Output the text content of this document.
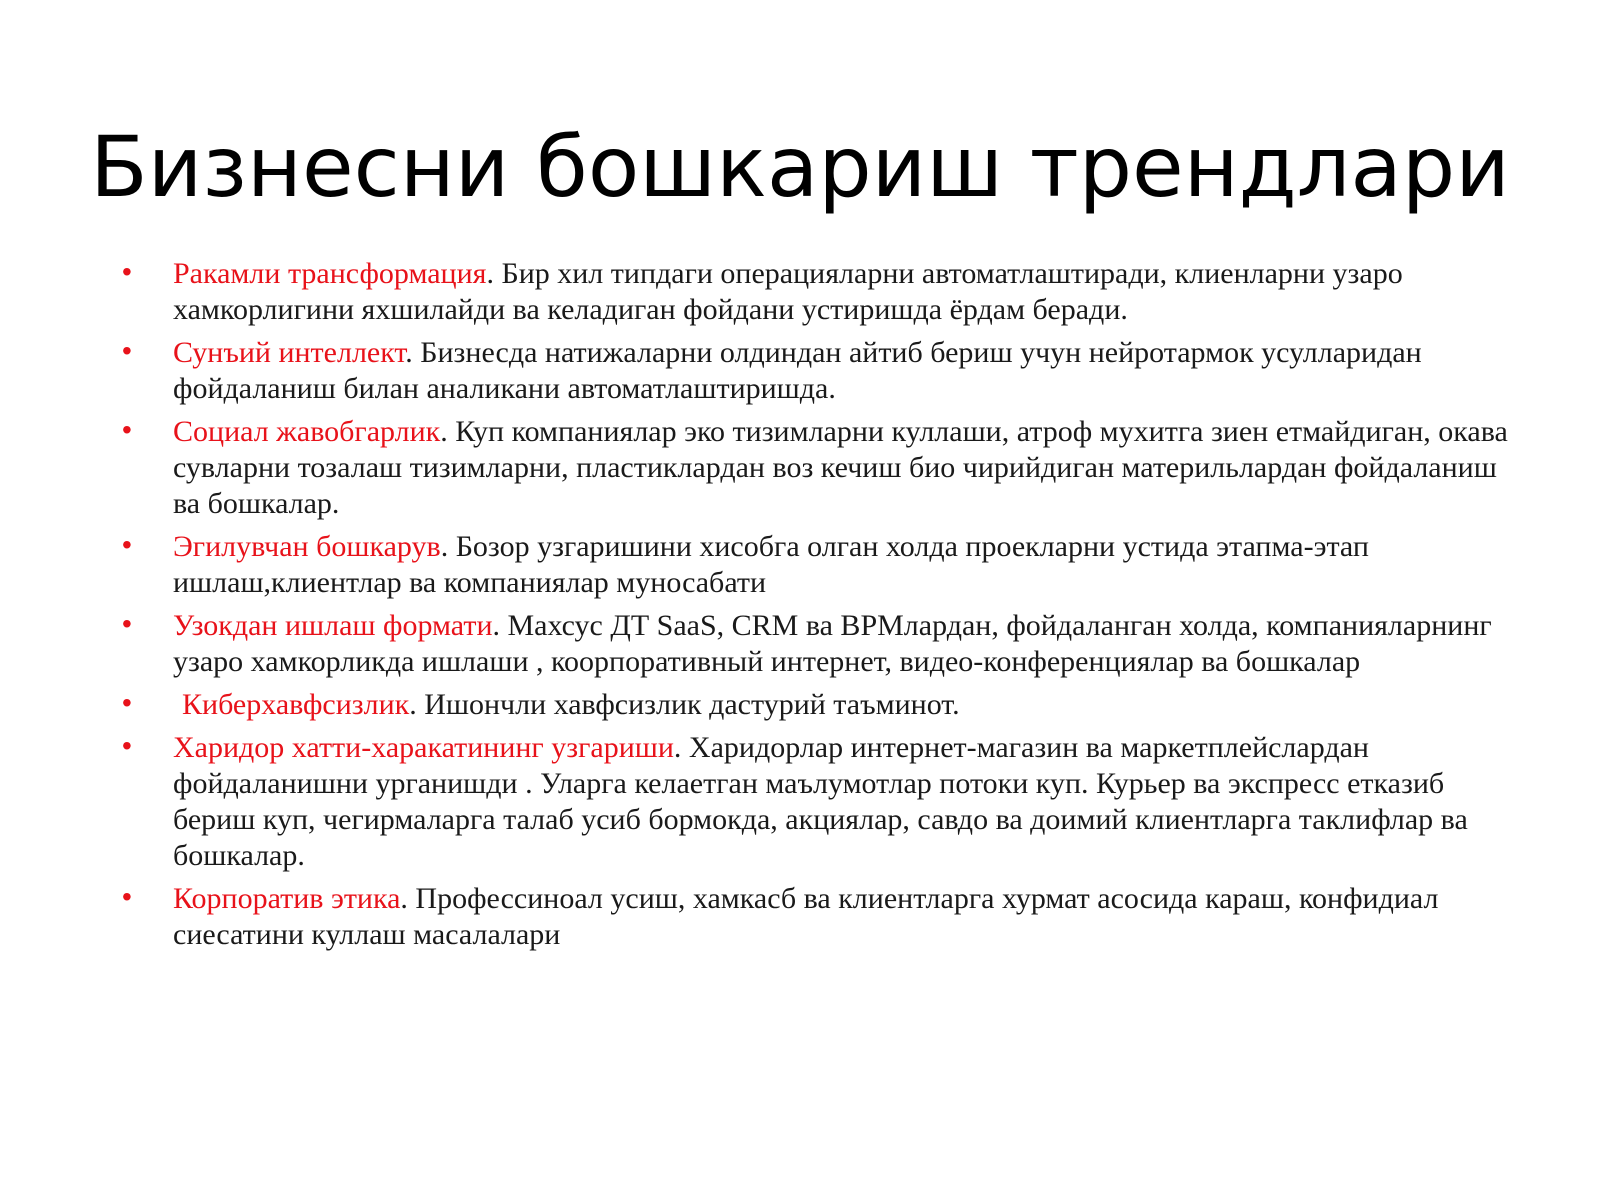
Бизнесни бошкариш трендлари
• Ракамли трансформация. Бир хил типдаги операцияларни автоматлаштиради, клиенларни узаро хамкорлигини яхшилайди ва келадиган фойдани устиришда ёрдам беради.
• Сунъий интеллект. Бизнесда натижаларни олдиндан айтиб бериш учун нейротармок усулларидан фойдаланиш билан аналикани автоматлаштиришда.
• Социал жавобгарлик. Куп компаниялар эко тизимларни куллаши, атроф мухитга зиен етмайдиган, окава сувларни тозалаш тизимларни, пластиклардан воз кечиш био чирийдиган материльлардан фойдаланиш ва бошкалар.
• Эгилувчан бошкарув. Бозор узгаришини хисобга олган холда проекларни устида этапма-этап ишлаш,клиентлар ва компаниялар муносабати
• Узокдан ишлаш формати. Махсус ДТ SaaS, CRM ва BPMлардан, фойдаланган холда, компанияларнинг узаро хамкорликда ишлаши , коорпоративный интернет, видео-конференциялар ва бошкалар
• Киберхавфсизлик. Ишончли хавфсизлик дастурий таъминот.
• Харидор хатти-харакатининг узгариши. Харидорлар интернет-магазин ва маркетплейслардан фойдаланишни урганишди . Уларга келаетган маълумотлар потоки куп. Курьер ва экспресс етказиб бериш куп, чегирмаларга талаб усиб бормокда, акциялар, савдо ва доимий клиентларга таклифлар ва бошкалар.
• Корпоратив этика. Профессиноал усиш, хамкасб ва клиентларга хурмат асосида караш, конфидиал сиесатини куллаш масалалари
